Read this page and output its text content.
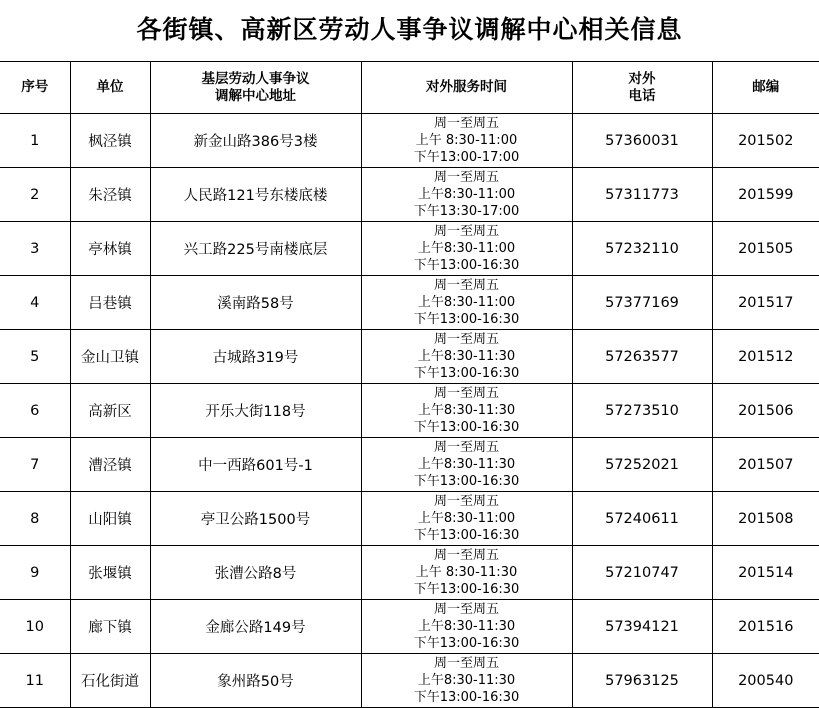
各街镇、高新区劳动人事争议调解中心相关信息
序号	单位	基层劳动人事争议
调解中心地址	对外服务时间	对外
电话	邮编
1	枫泾镇	新金山路386号3楼	周一至周五
上午 8:30-11:00
下午13:00-17:00	57360031	201502
2	朱泾镇	人民路121号东楼底楼	周一至周五
上午8:30-11:00
下午13:30-17:00	57311773	201599
3	亭林镇	兴工路225号南楼底层	周一至周五
上午8:30-11:00
下午13:00-16:30	57232110	201505
4	吕巷镇	溪南路58号	周一至周五
上午8:30-11:00
下午13:00-16:30	57377169	201517
5	金山卫镇	古城路319号	周一至周五
上午8:30-11:30
下午13:00-16:30	57263577	201512
6	高新区	开乐大街118号	周一至周五
上午8:30-11:30
下午13:00-16:30	57273510	201506
7	漕泾镇	中一西路601号-1	周一至周五
上午8:30-11:30
下午13:00-16:30	57252021	201507
8	山阳镇	亭卫公路1500号	周一至周五
上午8:30-11:00
下午13:00-16:30	57240611	201508
9	张堰镇	张漕公路8号	周一至周五
上午 8:30-11:30
下午13:00-16:30	57210747	201514
10	廊下镇	金廊公路149号	周一至周五
上午8:30-11:30
下午13:00-16:30	57394121	201516
11	石化街道	象州路50号	周一至周五
上午8:30-11:30
下午13:00-16:30	57963125	200540
